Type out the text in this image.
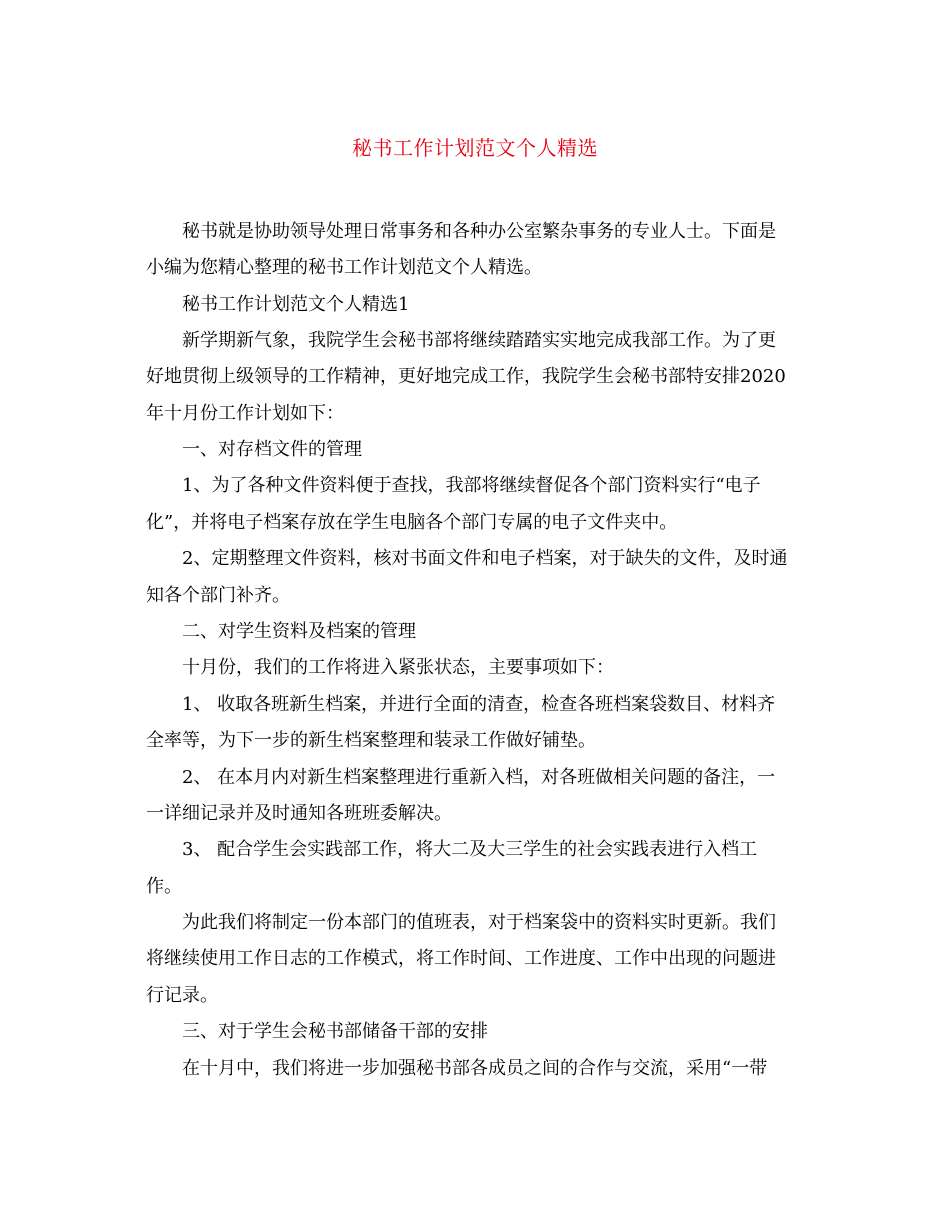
秘书工作计划范文个人精选
秘书就是协助领导处理日常事务和各种办公室繁杂事务的专业人士。下面是
小编为您精心整理的秘书工作计划范文个人精选。
秘书工作计划范文个人精选1
新学期新气象，我院学生会秘书部将继续踏踏实实地完成我部工作。为了更
好地贯彻上级领导的工作精神，更好地完成工作，我院学生会秘书部特安排2020
年十月份工作计划如下：
一、对存档文件的管理
1、为了各种文件资料便于查找，我部将继续督促各个部门资料实行“电子
化”，并将电子档案存放在学生电脑各个部门专属的电子文件夹中。
2、定期整理文件资料，核对书面文件和电子档案，对于缺失的文件，及时通
知各个部门补齐。
二、对学生资料及档案的管理
十月份，我们的工作将进入紧张状态，主要事项如下：
1、 收取各班新生档案，并进行全面的清查，检查各班档案袋数目、材料齐
全率等，为下一步的新生档案整理和装录工作做好铺垫。
2、 在本月内对新生档案整理进行重新入档，对各班做相关问题的备注，一
一详细记录并及时通知各班班委解决。
3、 配合学生会实践部工作，将大二及大三学生的社会实践表进行入档工
作。
为此我们将制定一份本部门的值班表，对于档案袋中的资料实时更新。我们
将继续使用工作日志的工作模式，将工作时间、工作进度、工作中出现的问题进
行记录。
三、对于学生会秘书部储备干部的安排
在十月中，我们将进一步加强秘书部各成员之间的合作与交流，采用“一带
